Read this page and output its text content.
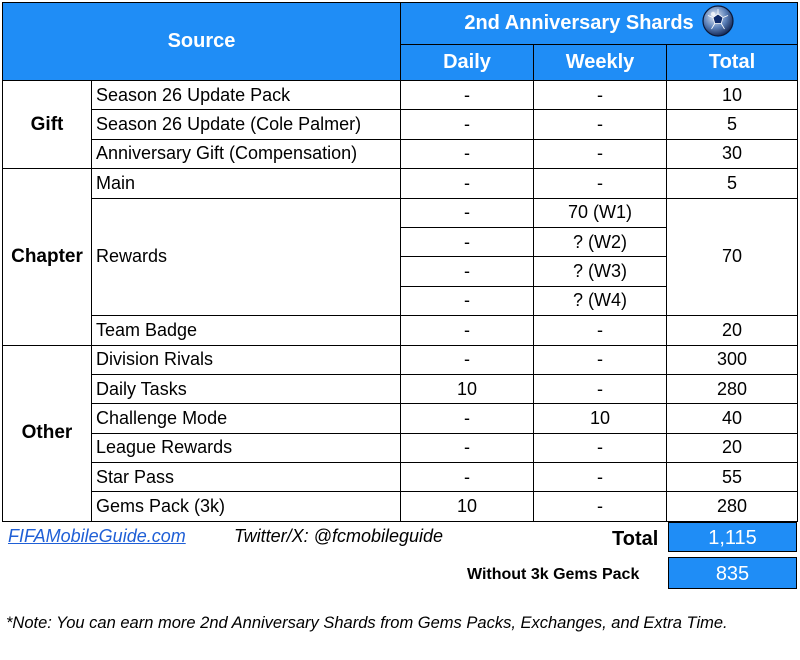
Source		2nd Anniversary Shards		

		Daily	Weekly	Total
Gift	Season 26 Update Pack	-	-	10
	Season 26 Update (Cole Palmer)	-	-	5
	Anniversary Gift (Compensation)	-	-	30
Chapter	Main	-	-	5
	Rewards	-	70 (W1)	70
		-	? (W2)	
		-	? (W3)	
		-	? (W4)	
	Team Badge	-	-	20
Other	Division Rivals	-	-	300
	Daily Tasks	10	-	280
	Challenge Mode	-	10	40
	League Rewards	-	-	20
	Star Pass	-	-	55
	Gems Pack (3k)	10	-	280
FIFAMobileGuide.com	Twitter/X: @fcmobileguide	Total	1,115
Without 3k Gems Pack	835
*Note: You can earn more 2nd Anniversary Shards from Gems Packs, Exchanges, and Extra Time.
